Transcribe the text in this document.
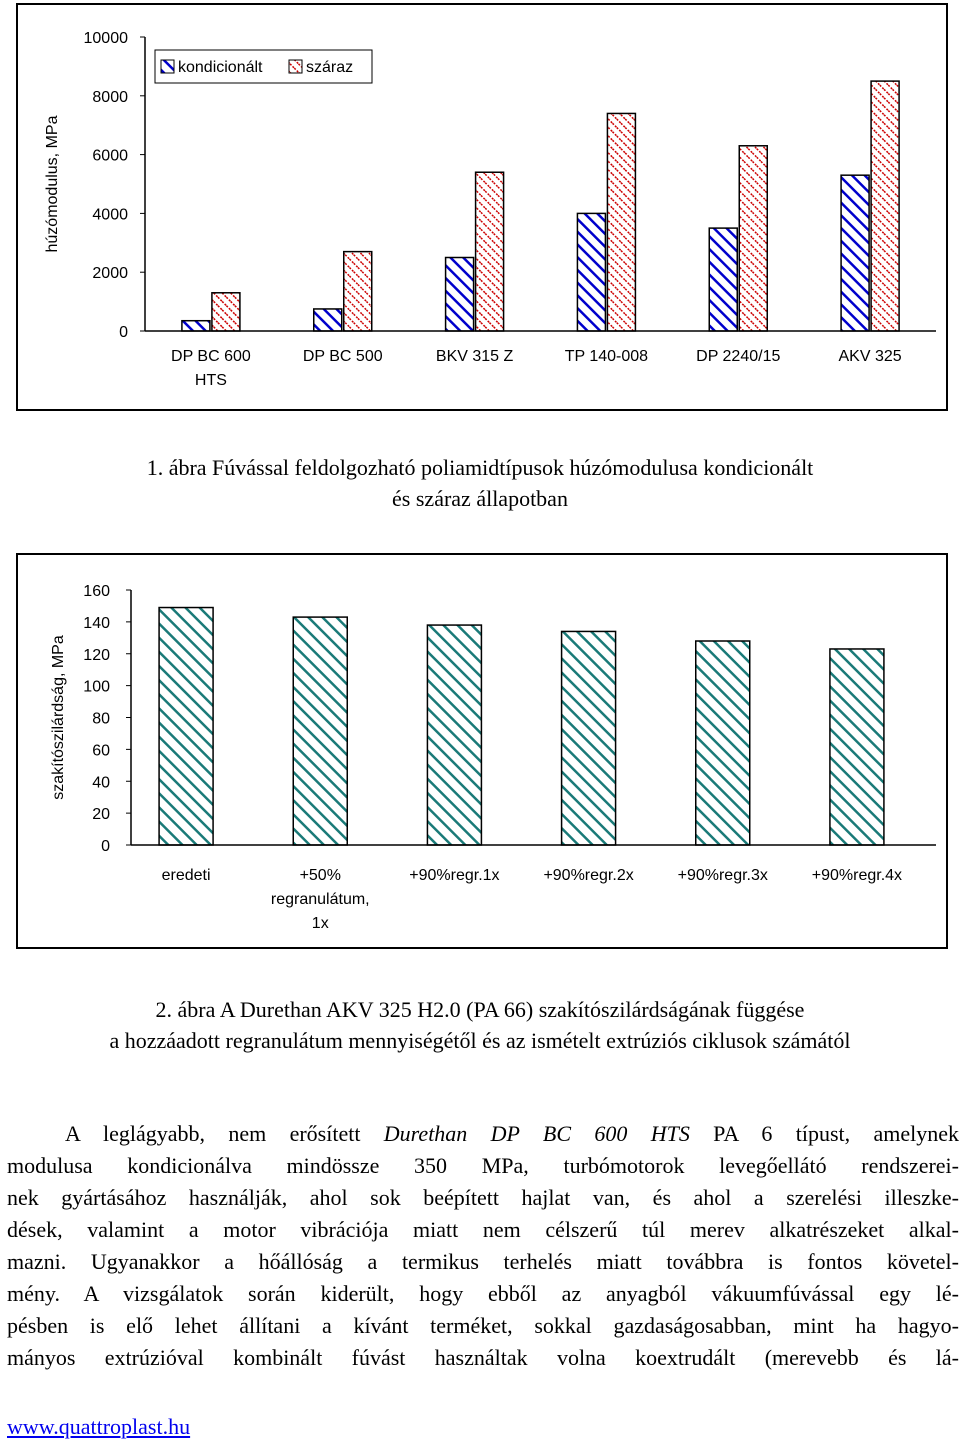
húzómodulus, MPa
0
2000
4000
6000
8000
10000
DP BC 600
HTS
DP BC 500	BKV 315 Z	TP 140-008	DP 2240/15	AKV 325
kondicionált	száraz
1. ábra Fúvással feldolgozható poliamidtípusok húzómodulusa kondicionált
és száraz állapotban
szakítószilárdság, MPa
0
20
40
60
80
100
120
140
160
eredeti	+50%
regranulátum,
1x
+90%regr.1x	+90%regr.2x	+90%regr.3x	+90%regr.4x
2. ábra A Durethan AKV 325 H2.0 (PA 66) szakítószilárdságának függése
a hozzáadott regranulátum mennyiségétől és az ismételt extrúziós ciklusok számától
A leglágyabb, nem erősített Durethan DP BC 600 HTS PA 6 típust, amelynek
modulusa kondicionálva mindössze 350 MPa, turbómotorok levegőellátó rendszerei-
nek gyártásához használják, ahol sok beépített hajlat van, és ahol a szerelési illeszke-
dések, valamint a motor vibrációja miatt nem célszerű túl merev alkatrészeket alkal-
mazni. Ugyanakkor a hőállóság a termikus terhelés miatt továbbra is fontos követel-
mény. A vizsgálatok során kiderült, hogy ebből az anyagból vákuumfúvással egy lé-
pésben is elő lehet állítani a kívánt terméket, sokkal gazdaságosabban, mint ha hagyo-
mányos extrúzióval kombinált fúvást használtak volna koextrudált (merevebb és lá-
www.quattroplast.hu
